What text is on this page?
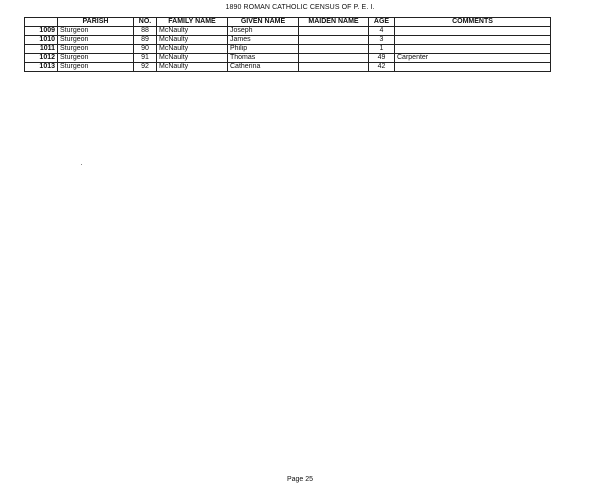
1890 ROMAN CATHOLIC CENSUS OF P. E. I.
	PARISH	NO.	FAMILY NAME	GIVEN NAME	MAIDEN NAME	AGE	COMMENTS
1009	Sturgeon	88	McNaulty	Joseph		4	
1010	Sturgeon	89	McNaulty	James		3	
1011	Sturgeon	90	McNaulty	Philip		1	
1012	Sturgeon	91	McNaulty	Thomas		49	Carpenter
1013	Sturgeon	92	McNaulty	Catherina		42	
Page 25
